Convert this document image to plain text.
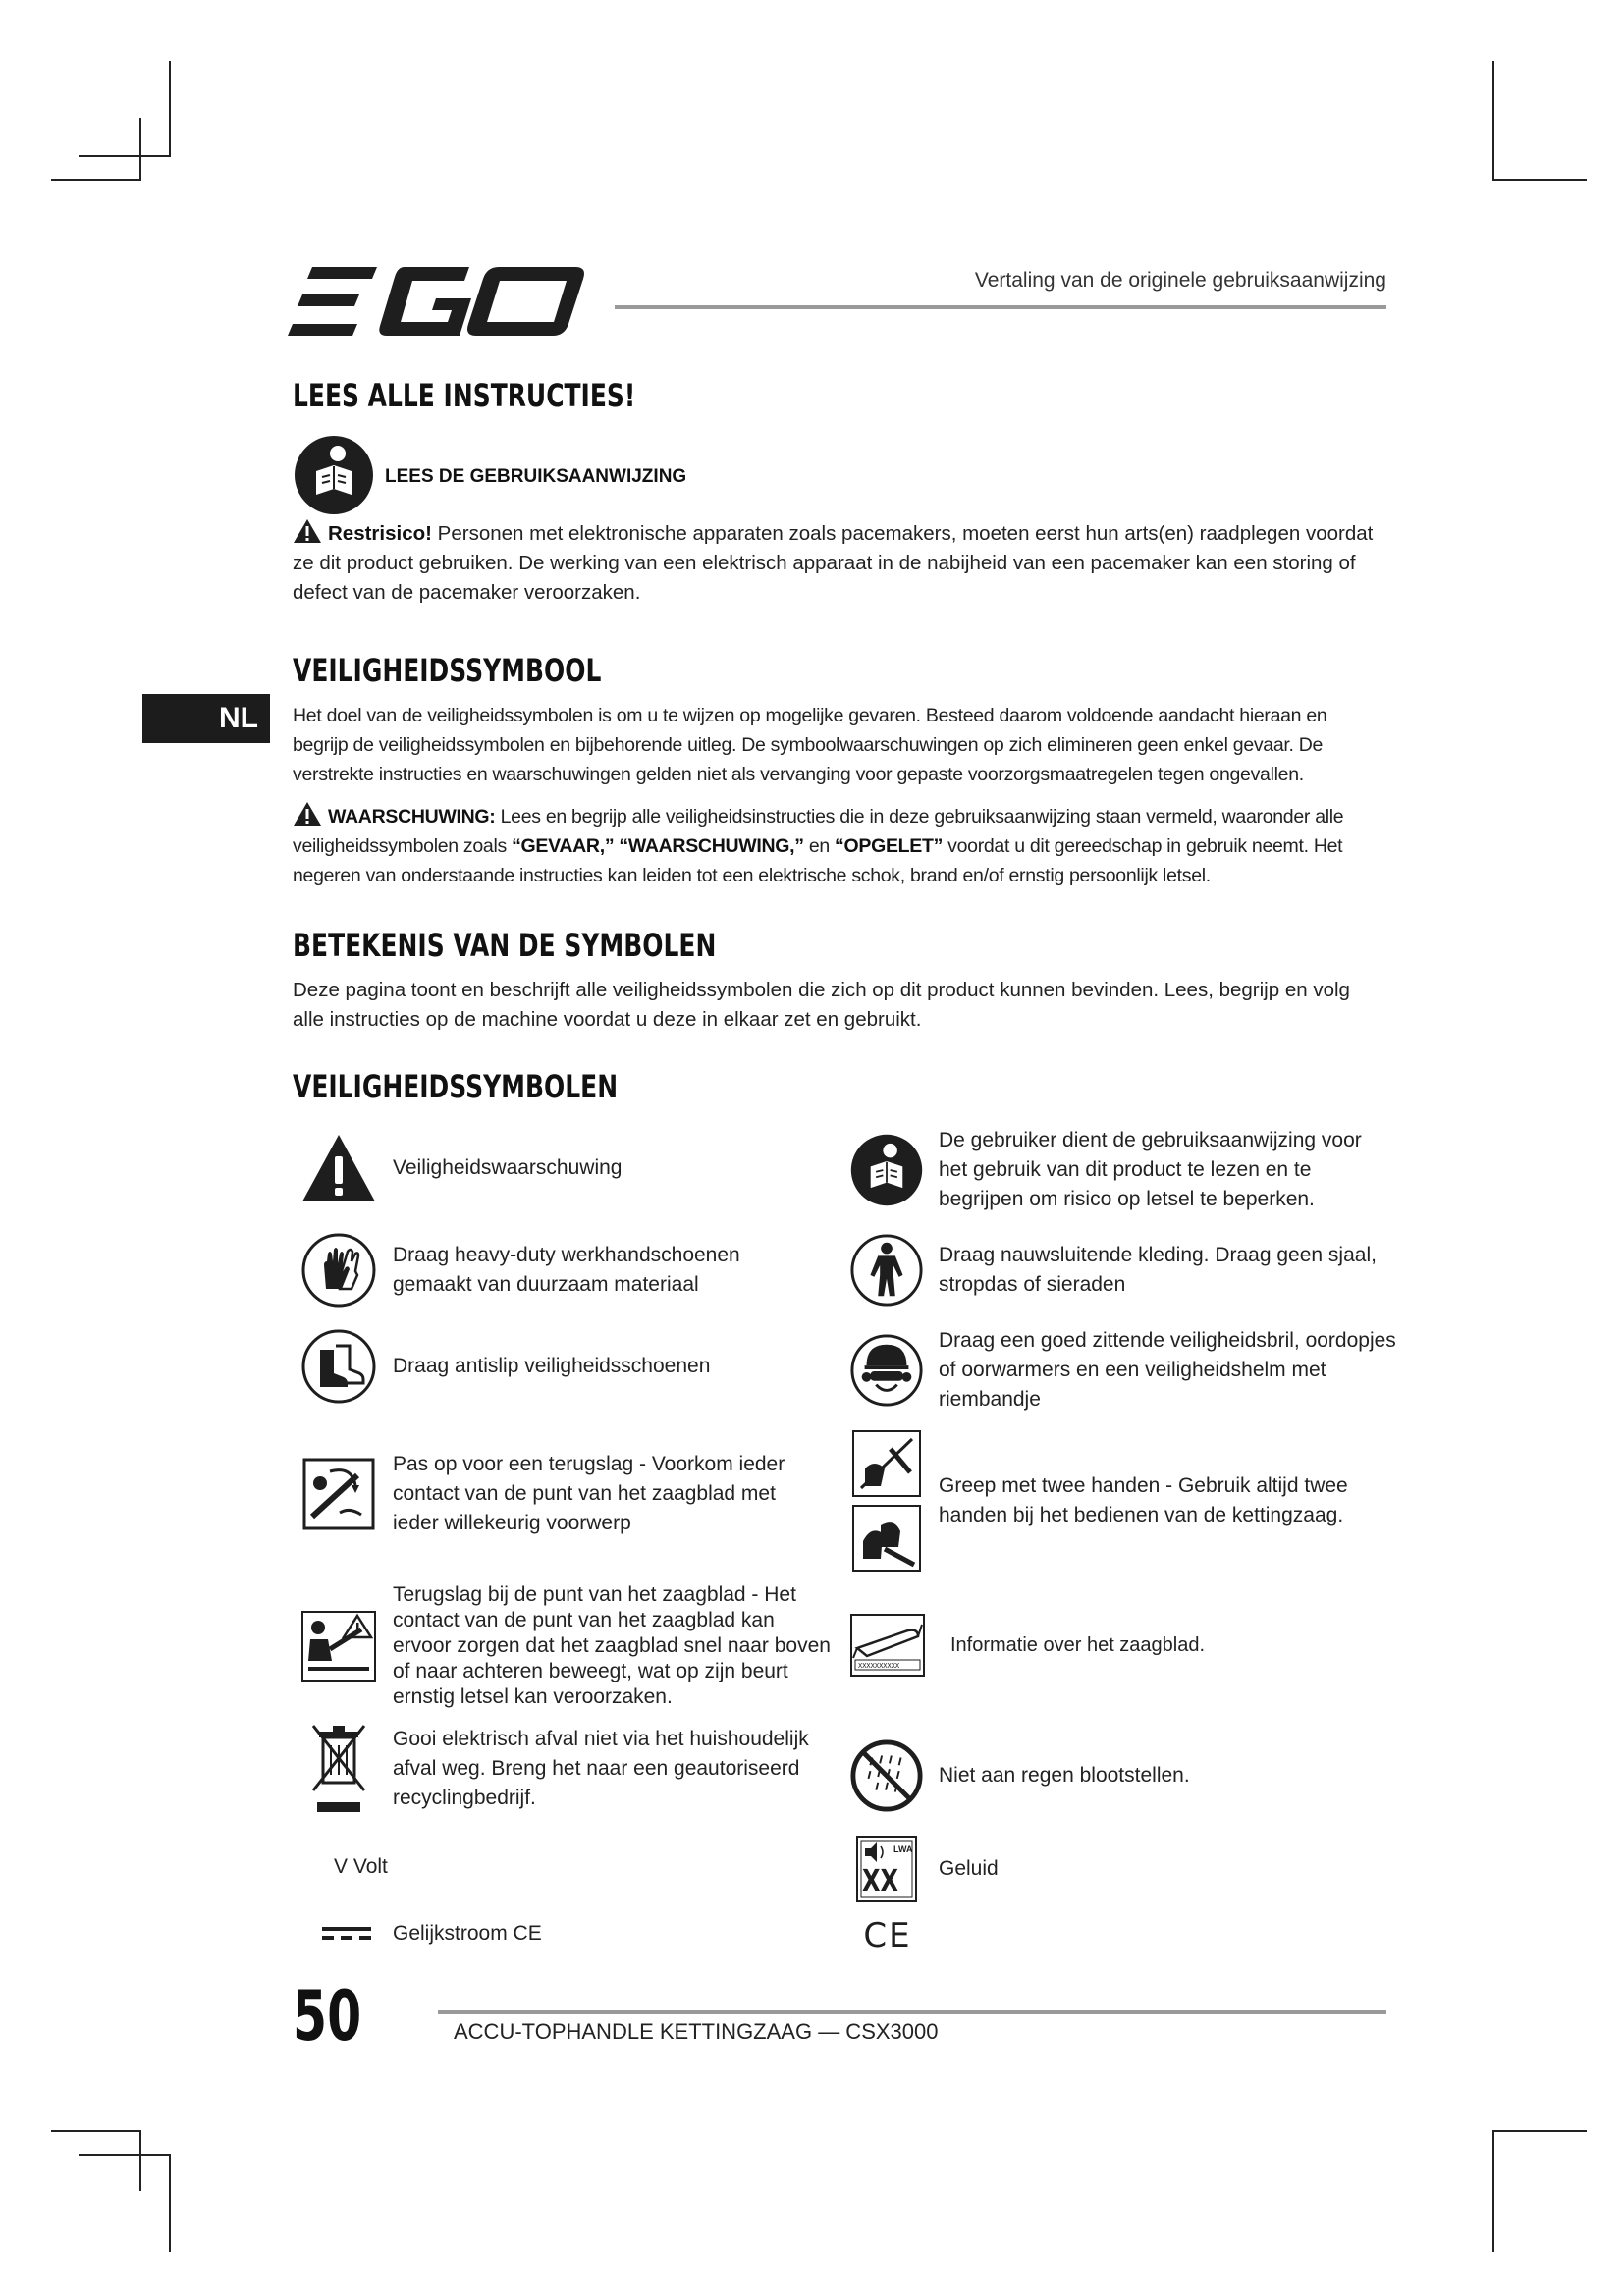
Vertaling van de originele gebruiksaanwijzing
NL
LEES ALLE INSTRUCTIES!
LEES DE GEBRUIKSAANWIJZING

Restrisico! Personen met elektronische apparaten zoals pacemakers, moeten eerst hun arts(en) raadplegen voordat ze dit product gebruiken. De werking van een elektrisch apparaat in de nabijheid van een pacemaker kan een storing of defect van de pacemaker veroorzaken.

VEILIGHEIDSSYMBOOL

Het doel van de veiligheidssymbolen is om u te wijzen op mogelijke gevaren. Besteed daarom voldoende aandacht hieraan en begrijp de veiligheidssymbolen en bijbehorende uitleg. De symboolwaarschuwingen op zich elimineren geen enkel gevaar. De verstrekte instructies en waarschuwingen gelden niet als vervanging voor gepaste voorzorgsmaatregelen tegen ongevallen.

WAARSCHUWING: Lees en begrijp alle veiligheidsinstructies die in deze gebruiksaanwijzing staan vermeld, waaronder alle veiligheidssymbolen zoals “GEVAAR,” “WAARSCHUWING,” en “OPGELET” voordat u dit gereedschap in gebruik neemt. Het negeren van onderstaande instructies kan leiden tot een elektrische schok, brand en/of ernstig persoonlijk letsel.

BETEKENIS VAN DE SYMBOLEN

Deze pagina toont en beschrijft alle veiligheidssymbolen die zich op dit product kunnen bevinden. Lees, begrijp en volg alle instructies op de machine voordat u deze in elkaar zet en gebruikt.

VEILIGHEIDSSYMBOLEN
Veiligheidswaarschuwing
Draag heavy-duty werkhandschoenen gemaakt van duurzaam materiaal
Draag antislip veiligheidsschoenen
Pas op voor een terugslag - Voorkom ieder contact van de punt van het zaagblad met ieder willekeurig voorwerp
Terugslag bij de punt van het zaagblad - Het contact van de punt van het zaagblad kan ervoor zorgen dat het zaagblad snel naar boven of naar achteren beweegt, wat op zijn beurt ernstig letsel kan veroorzaken.
Gooi elektrisch afval niet via het huishoudelijk afval weg. Breng het naar een geautoriseerd recyclingbedrijf.
V Volt
Gelijkstroom CE
De gebruiker dient de gebruiksaanwijzing voor het gebruik van dit product te lezen en te begrijpen om risico op letsel te beperken.
Draag nauwsluitende kleding. Draag geen sjaal, stropdas of sieraden
Draag een goed zittende veiligheidsbril, oordopjes of oorwarmers en een veiligheidshelm met riembandje
Greep met twee handen - Gebruik altijd twee handen bij het bedienen van de kettingzaag.
XXXXXXXXXX
Informatie over het zaagblad.
Niet aan regen blootstellen.
LWA
XX Geluid
CE
50	ACCU-TOPHANDLE KETTINGZAAG — CSX3000
